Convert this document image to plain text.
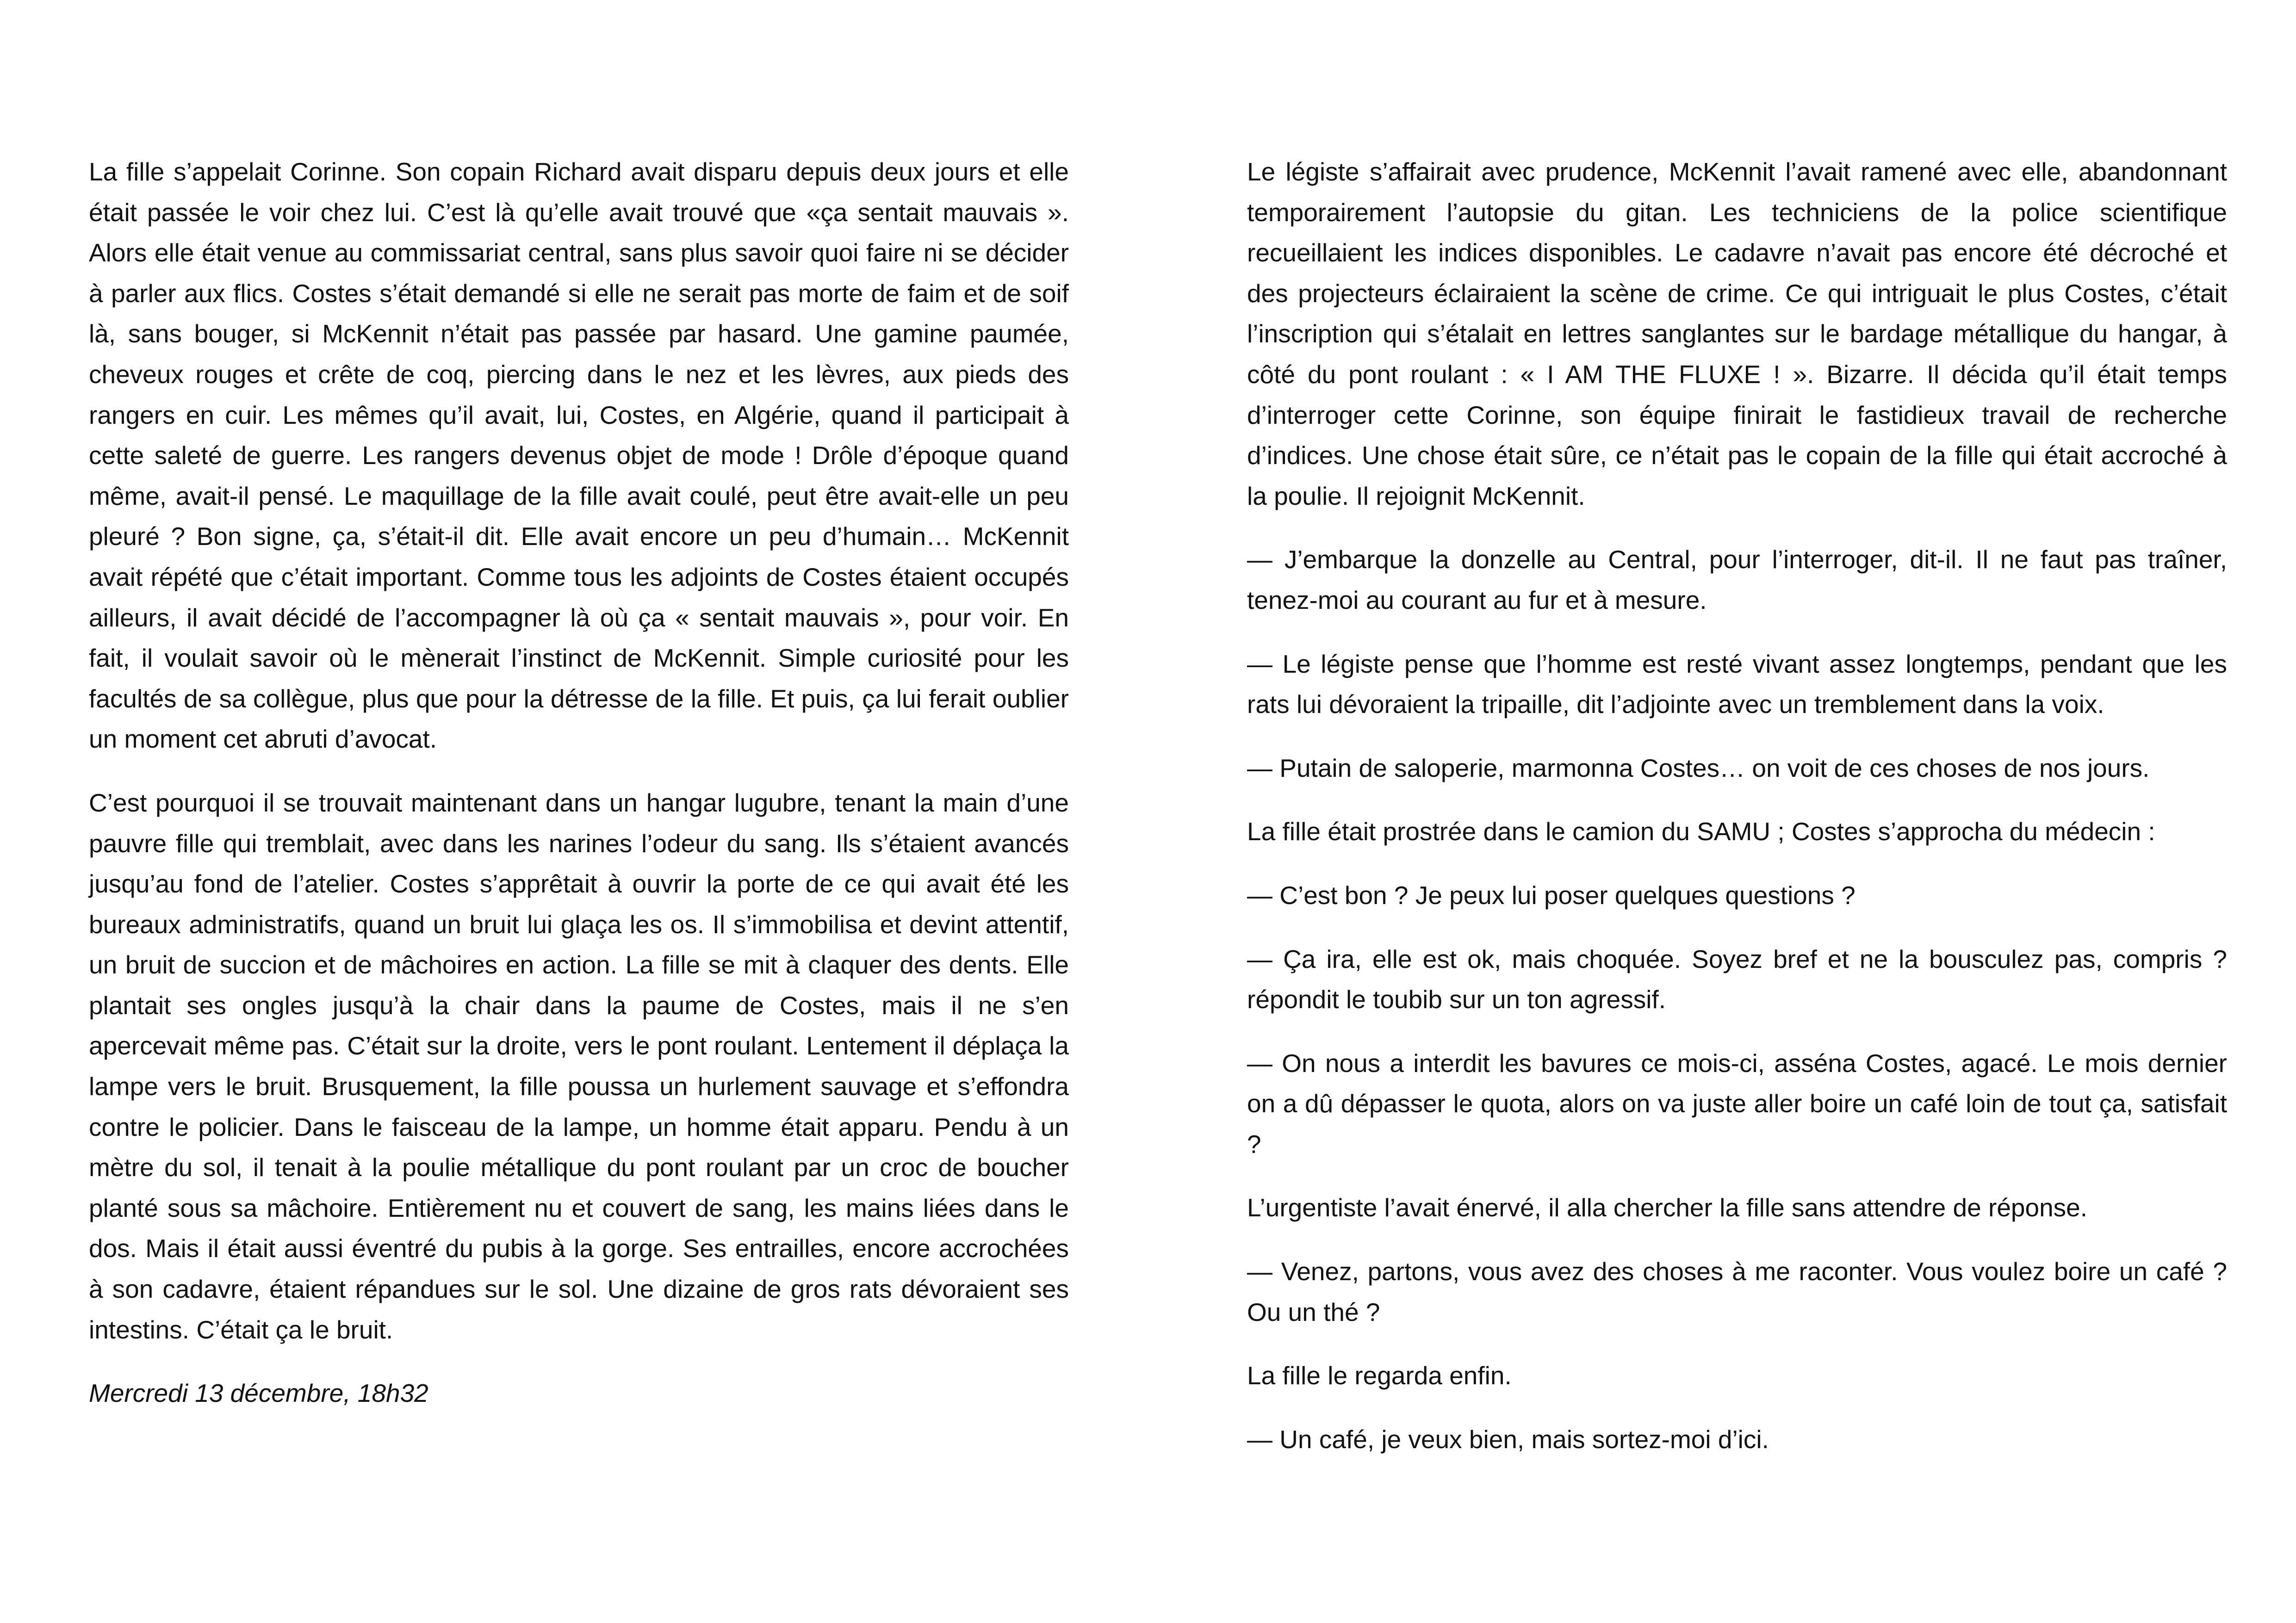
La fille s’appelait Corinne. Son copain Richard avait disparu depuis deux jours et elle était passée le voir chez lui. C’est là qu’elle avait trouvé que «ça sentait mauvais ». Alors elle était venue au commissariat central, sans plus savoir quoi faire ni se décider à parler aux flics. Costes s’était demandé si elle ne serait pas morte de faim et de soif là, sans bouger, si McKennit n’était pas passée par hasard. Une gamine paumée, cheveux rouges et crête de coq, piercing dans le nez et les lèvres, aux pieds des rangers en cuir. Les mêmes qu’il avait, lui, Costes, en Algérie, quand il participait à cette saleté de guerre. Les rangers devenus objet de mode ! Drôle d’époque quand même, avait-il pensé. Le maquillage de la fille avait coulé, peut être avait-elle un peu pleuré ? Bon signe, ça, s’était-il dit. Elle avait encore un peu d’humain… McKennit avait répété que c’était important. Comme tous les adjoints de Costes étaient occupés ailleurs, il avait décidé de l’accompagner là où ça « sentait mauvais », pour voir. En fait, il voulait savoir où le mènerait l’instinct de McKennit. Simple curiosité pour les facultés de sa collègue, plus que pour la détresse de la fille. Et puis, ça lui ferait oublier un moment cet abruti d’avocat.

C’est pourquoi il se trouvait maintenant dans un hangar lugubre, tenant la main d’une pauvre fille qui tremblait, avec dans les narines l’odeur du sang. Ils s’étaient avancés jusqu’au fond de l’atelier. Costes s’apprêtait à ouvrir la porte de ce qui avait été les bureaux administratifs, quand un bruit lui glaça les os. Il s’immobilisa et devint attentif, un bruit de succion et de mâchoires en action. La fille se mit à claquer des dents. Elle plantait ses ongles jusqu’à la chair dans la paume de Costes, mais il ne s’en apercevait même pas. C’était sur la droite, vers le pont roulant. Lentement il déplaça la lampe vers le bruit. Brusquement, la fille poussa un hurlement sauvage et s’effondra contre le policier. Dans le faisceau de la lampe, un homme était apparu. Pendu à un mètre du sol, il tenait à la poulie métallique du pont roulant par un croc de boucher planté sous sa mâchoire. Entièrement nu et couvert de sang, les mains liées dans le dos. Mais il était aussi éventré du pubis à la gorge. Ses entrailles, encore accrochées à son cadavre, étaient répandues sur le sol. Une dizaine de gros rats dévoraient ses intestins. C’était ça le bruit.

Mercredi 13 décembre, 18h32

Le légiste s’affairait avec prudence, McKennit l’avait ramené avec elle, abandonnant temporairement l’autopsie du gitan. Les techniciens de la police scientifique recueillaient les indices disponibles. Le cadavre n’avait pas encore été décroché et des projecteurs éclairaient la scène de crime. Ce qui intriguait le plus Costes, c’était l’inscription qui s’étalait en lettres sanglantes sur le bardage métallique du hangar, à côté du pont roulant : « I AM THE FLUXE ! ». Bizarre. Il décida qu’il était temps d’interroger cette Corinne, son équipe finirait le fastidieux travail de recherche d’indices. Une chose était sûre, ce n’était pas le copain de la fille qui était accroché à la poulie. Il rejoignit McKennit.

— J’embarque la donzelle au Central, pour l’interroger, dit-il. Il ne faut pas traîner, tenez-moi au courant au fur et à mesure.

— Le légiste pense que l’homme est resté vivant assez longtemps, pendant que les rats lui dévoraient la tripaille, dit l’adjointe avec un tremblement dans la voix.

— Putain de saloperie, marmonna Costes… on voit de ces choses de nos jours.

La fille était prostrée dans le camion du SAMU ; Costes s’approcha du médecin :

— C’est bon ? Je peux lui poser quelques questions ?

— Ça ira, elle est ok, mais choquée. Soyez bref et ne la bousculez pas, compris ? répondit le toubib sur un ton agressif.

— On nous a interdit les bavures ce mois-ci, asséna Costes, agacé. Le mois dernier on a dû dépasser le quota, alors on va juste aller boire un café loin de tout ça, satisfait ?

L’urgentiste l’avait énervé, il alla chercher la fille sans attendre de réponse.

— Venez, partons, vous avez des choses à me raconter. Vous voulez boire un café ? Ou un thé ?

La fille le regarda enfin.

— Un café, je veux bien, mais sortez-moi d’ici.
